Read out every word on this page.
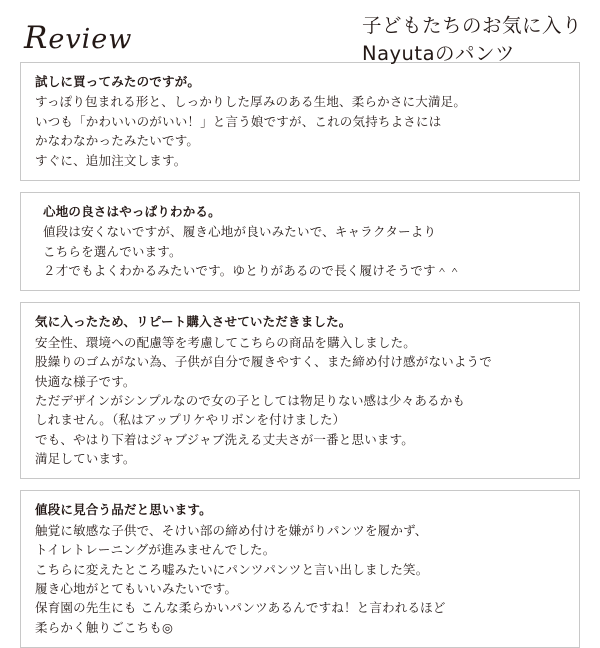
Review	子どもたちのお気に入り
Nayutaのパンツ
試しに買ってみたのですが。
すっぽり包まれる形と、しっかりした厚みのある生地、柔らかさに大満足。
いつも「かわいいのがいい！」と言う娘ですが、これの気持ちよさには
かなわなかったみたいです。
すぐに、追加注文します。
心地の良さはやっぱりわかる。
値段は安くないですが、履き心地が良いみたいで、キャラクターより
こちらを選んでいます。
２才でもよくわかるみたいです。ゆとりがあるので長く履けそうです＾＾
気に入ったため、リピート購入させていただきました。
安全性、環境への配慮等を考慮してこちらの商品を購入しました。
股繰りのゴムがない為、子供が自分で履きやすく、また締め付け感がないようで
快適な様子です。
ただデザインがシンプルなので女の子としては物足りない感は少々あるかも
しれません。（私はアップリケやリボンを付けました）
でも、やはり下着はジャブジャブ洗える丈夫さが一番と思います。
満足しています。
値段に見合う品だと思います。
触覚に敏感な子供で、そけい部の締め付けを嫌がりパンツを履かず、
トイレトレーニングが進みませんでした。
こちらに変えたところ嘘みたいにパンツパンツと言い出しました笑。
履き心地がとてもいいみたいです。
保育園の先生にも こんな柔らかいパンツあるんですね！と言われるほど
柔らかく触りごこちも◎
